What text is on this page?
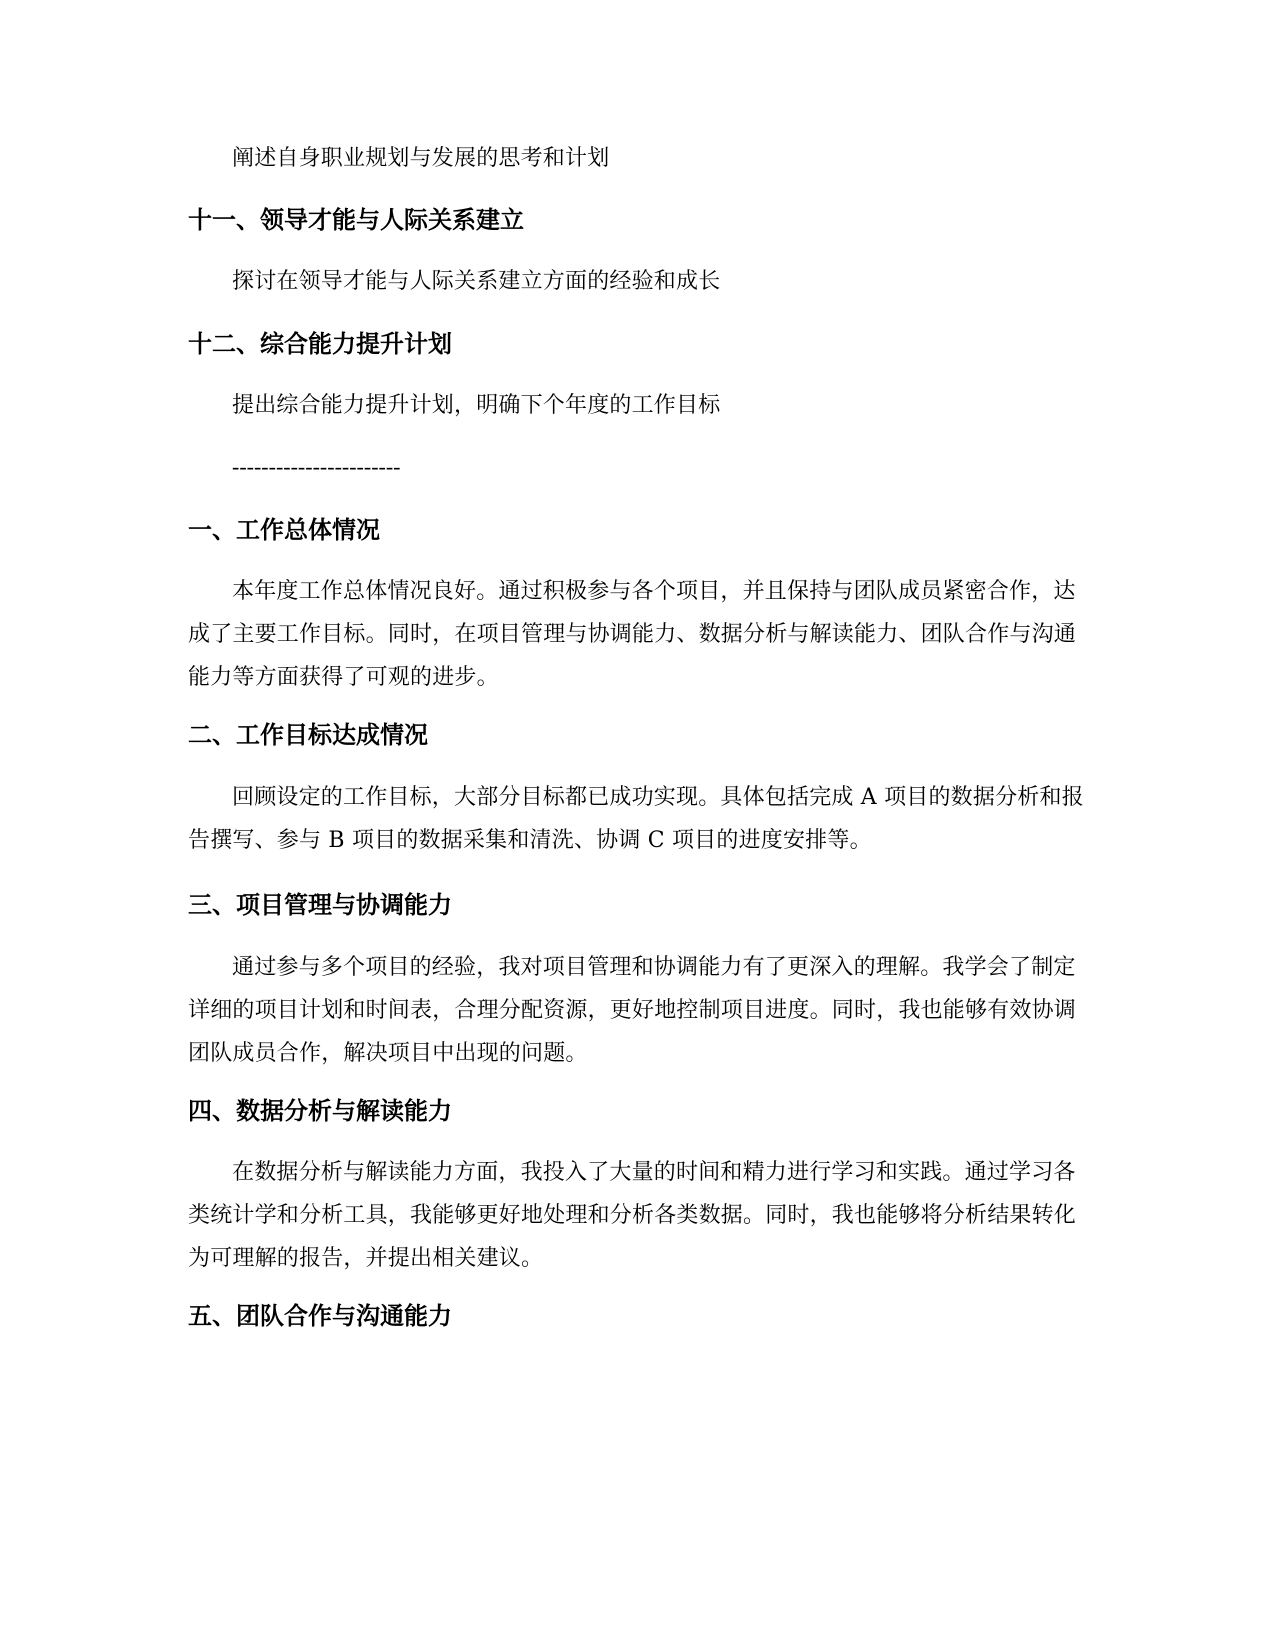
阐述自身职业规划与发展的思考和计划

十一、领导才能与人际关系建立

探讨在领导才能与人际关系建立方面的经验和成长

十二、综合能力提升计划

提出综合能力提升计划，明确下个年度的工作目标

-----------------------

一、工作总体情况

本年度工作总体情况良好。通过积极参与各个项目，并且保持与团队成员紧密合作，达成了主要工作目标。同时，在项目管理与协调能力、数据分析与解读能力、团队合作与沟通能力等方面获得了可观的进步。

二、工作目标达成情况

回顾设定的工作目标，大部分目标都已成功实现。具体包括完成 A 项目的数据分析和报告撰写、参与 B 项目的数据采集和清洗、协调 C 项目的进度安排等。

三、项目管理与协调能力

通过参与多个项目的经验，我对项目管理和协调能力有了更深入的理解。我学会了制定详细的项目计划和时间表，合理分配资源，更好地控制项目进度。同时，我也能够有效协调团队成员合作，解决项目中出现的问题。

四、数据分析与解读能力

在数据分析与解读能力方面，我投入了大量的时间和精力进行学习和实践。通过学习各类统计学和分析工具，我能够更好地处理和分析各类数据。同时，我也能够将分析结果转化为可理解的报告，并提出相关建议。

五、团队合作与沟通能力
